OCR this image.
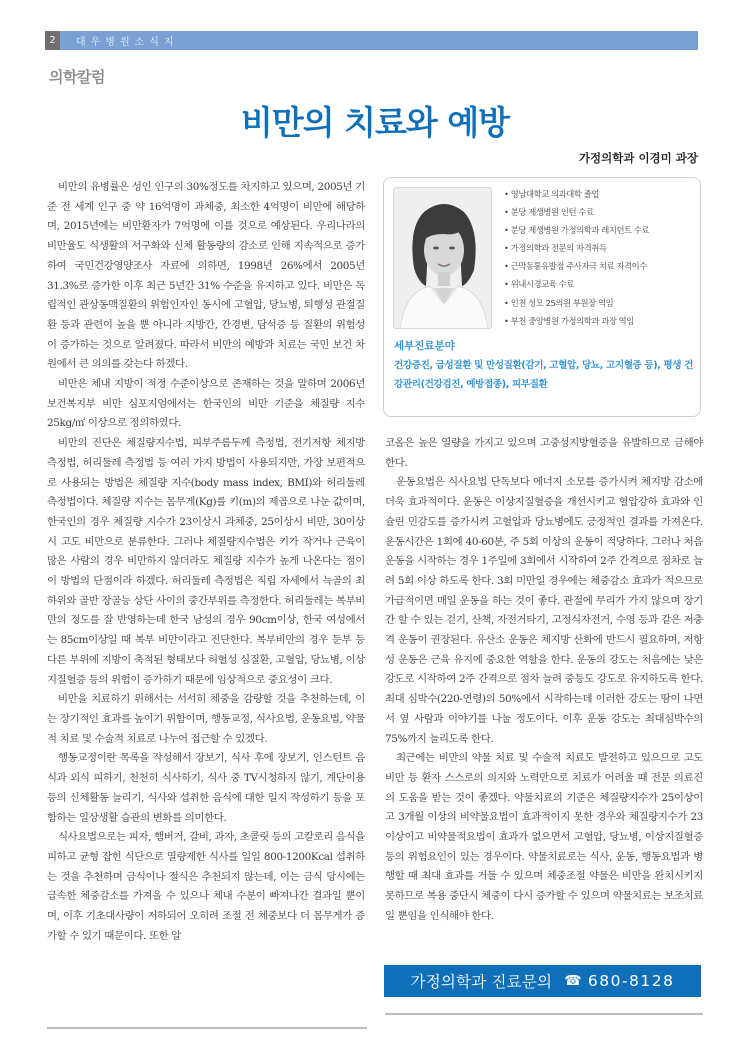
2	대우병원소식지
의학칼럼
비만의 치료와 예방
가정의학과 이경미 과장

비만의 유병률은 성인 인구의 30%정도를 차지하고 있으며, 2005년 기준 전 세계 인구 중 약 16억명이 과체중, 최소한 4억명이 비만에 해당하며, 2015년에는 비만환자가 7억명에 이를 것으로 예상된다. 우리나라의 비만율도 식생활의 서구화와 신체 활동량의 감소로 인해 지속적으로 증가하여 국민건강영양조사 자료에 의하면, 1998년 26%에서 2005년 31.3%로 증가한 이후 최근 5년간 31% 수준을 유지하고 있다. 비만은 독립적인 관상동맥질환의 위험인자인 동시에 고혈압, 당뇨병, 퇴행성 관절질환 등과 관련이 높을 뿐 아니라 지방간, 간경변, 담석증 등 질환의 위험성이 증가하는 것으로 알려졌다. 따라서 비만의 예방과 치료는 국민 보건 차원에서 큰 의의를 갖는다 하겠다.

비만은 체내 지방이 적정 수준이상으로 존재하는 것을 말하며 2006년 보건복지부 비만 심포지엄에서는 한국인의 비만 기준을 체질량 지수 25kg/㎡ 이상으로 정의하였다.

비만의 진단은 체질량지수법, 피부주름두께 측정법, 전기저항 체지방 측정법, 허리둘레 측정법 등 여러 가지 방법이 사용되지만, 가장 보편적으로 사용되는 방법은 체질량 지수(body mass index, BMI)와 허리둘레 측정법이다. 체질량 지수는 몸무게(Kg)를 키(m)의 제곱으로 나눈 값이며, 한국인의 경우 체질량 지수가 23이상시 과체중, 25이상시 비만, 30이상시 고도 비만으로 분류한다. 그러나 체질량지수법은 키가 작거나 근육이 많은 사람의 경우 비만하지 않더라도 체질량 지수가 높게 나온다는 점이 이 방법의 단점이라 하겠다. 허리둘레 측정법은 직립 자세에서 늑골의 최하위와 골반 장골능 상단 사이의 중간부위를 측정한다. 허리둘레는 복부비만의 정도를 잘 반영하는데 한국 남성의 경우 90cm이상, 한국 여성에서는 85cm이상일 때 복부 비만이라고 진단한다. 복부비만의 경우 둔부 등 다른 부위에 지방이 축적된 형태보다 허혈성 심질환, 고혈압, 당뇨병, 이상지질혈증 등의 위험이 증가하기 때문에 임상적으로 중요성이 크다.

비만을 치료하기 위해서는 서서히 체중을 감량할 것을 추천하는데, 이는 장기적인 효과를 높이기 위함이며, 행동교정, 식사요법, 운동요법, 약물적 치료 및 수술적 치료로 나누어 접근할 수 있겠다.

행동교정이란 목록을 작성해서 장보기, 식사 후에 장보기, 인스턴트 음식과 외식 피하기, 천천히 식사하기, 식사 중 TV시청하지 않기, 계단이용 등의 신체활동 늘리기, 식사와 섭취한 음식에 대한 일지 작성하기 등을 포함하는 일상생활 습관의 변화를 의미한다.

식사요법으로는 피자, 햄버거, 갈비, 과자, 초콜릿 등의 고칼로리 음식을 피하고 균형 잡힌 식단으로 열량제한 식사를 일일 800-1200Kcal 섭취하는 것을 추천하며 금식이나 절식은 추천되지 않는데, 이는 금식 당시에는 급속한 체중감소를 가져올 수 있으나 체내 수분이 빠져나간 결과일 뿐이며, 이후 기초대사량이 저하되어 오히려 조절 전 체중보다 더 몸무게가 증가할 수 있기 때문이다. 또한 알

• 영남대학교 의과대학 졸업
• 분당 제생병원 인턴 수료
• 분당 제생병원 가정의학과 레지던트 수료
• 가정의학과 전문의 자격취득
• 근막동통유발점 주사자극 치료 자격이수
• 위내시경교육 수료
• 인천 성모 25의원 부원장 역임
• 부천 중앙병원 가정의학과 과장 역임
세부진료분야
건강증진, 급성질환 및 만성질환(감기, 고혈압, 당뇨, 고지혈증 등), 평생 건강관리(건강검진, 예방접종), 피부질환

코올은 높은 열량을 가지고 있으며 고중성지방혈증을 유발하므로 금해야 한다.

운동요법은 식사요법 단독보다 에너지 소모를 증가시켜 체지방 감소에 더욱 효과적이다. 운동은 이상지질혈증을 개선시키고 혈압강하 효과와 인슐린 민감도를 증가시켜 고혈압과 당뇨병에도 긍정적인 결과를 가져온다. 운동시간은 1회에 40-60분, 주 5회 이상의 운동이 적당하다. 그러나 처음 운동을 시작하는 경우 1주일에 3회에서 시작하여 2주 간격으로 점차로 늘려 5회 이상 하도록 한다. 3회 미만일 경우에는 체중감소 효과가 적으므로 가급적이면 매일 운동을 하는 것이 좋다. 관절에 무리가 가지 않으며 장기간 할 수 있는 걷기, 산책, 자전거타기, 고정식자전거, 수영 등과 같은 저충격 운동이 권장된다. 유산소 운동은 체지방 산화에 반드시 필요하며, 저항성 운동은 근육 유지에 중요한 역할을 한다. 운동의 강도는 처음에는 낮은 강도로 시작하여 2주 간격으로 점차 늘려 중등도 강도로 유지하도록 한다. 최대 심박수(220-연령)의 50%에서 시작하는데 이러한 강도는 땀이 나면서 옆 사람과 이야기를 나눌 정도이다. 이후 운동 강도는 최대심박수의 75%까지 늘리도록 한다.

최근에는 비만의 약물 치료 및 수술적 치료도 발전하고 있으므로 고도비만 등 환자 스스로의 의지와 노력만으로 치료가 어려울 때 전문 의료진의 도움을 받는 것이 좋겠다. 약물치료의 기준은 체질량지수가 25이상이고 3개월 이상의 비약물요법이 효과적이지 못한 경우와 체질량지수가 23이상이고 비약물적요법이 효과가 없으면서 고혈압, 당뇨병, 이상지질혈증 등의 위험요인이 있는 경우이다. 약물치료로는 식사, 운동, 행동요법과 병행할 때 최대 효과를 거둘 수 있으며 체중조절 약물은 비만을 완치시키지 못하므로 복용 중단시 체중이 다시 증가할 수 있으며 약물치료는 보조치료일 뿐임을 인식해야 한다.

가정의학과 진료문의 ☎ 680-8128
